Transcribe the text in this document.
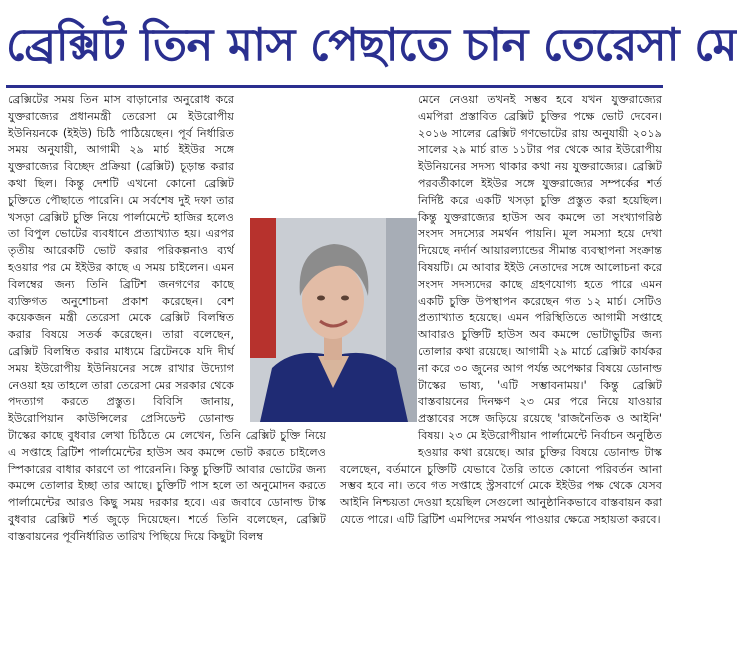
ব্রেক্সিট তিন মাস পেছাতে চান তেরেসা মে

ব্রেক্সিটের সময় তিন মাস বাড়ানোর অনুরোধ করে যুক্তরাজ্যের প্রধানমন্ত্রী তেরেসা মে ইউরোপীয় ইউনিয়নকে (ইইউ) চিঠি পাঠিয়েছেন। পূর্ব নির্ধারিত সময় অনুযায়ী, আগামী ২৯ মার্চ ইইউর সঙ্গে যুক্তরাজ্যের বিচ্ছেদ প্রক্রিয়া (ব্রেক্সিট) চূড়ান্ত করার কথা ছিল। কিন্তু দেশটি এখনো কোনো ব্রেক্সিট চুক্তিতে পৌছাতে পারেনি। মে সর্বশেষ দুই দফা তার খসড়া ব্রেক্সিট চুক্তি নিয়ে পার্লামেন্টে হাজির হলেও তা বিপুল ভোটের ব্যবধানে প্রত্যাখ্যাত হয়। এরপর তৃতীয় আরেকটি ভোট করার পরিকল্পনাও ব্যর্থ হওয়ার পর মে ইইউর কাছে এ সময় চাইলেন। এমন বিলম্বের জন্য তিনি ব্রিটিশ জনগণের কাছে ব্যক্তিগত অনুশোচনা প্রকাশ করেছেন। বেশ কয়েকজন মন্ত্রী তেরেসা মেকে ব্রেক্সিট বিলম্বিত করার বিষয়ে সতর্ক করেছেন। তারা বলেছেন, ব্রেক্সিট বিলম্বিত করার মাধ্যমে ব্রিটেনকে যদি দীর্ঘ সময় ইউরোপীয় ইউনিয়নের সঙ্গে রাখার উদ্যোগ নেওয়া হয় তাহলে তারা তেরেসা মের সরকার থেকে পদত্যাগ করতে প্রস্তুত। বিবিসি জানায়, ইউরোপিয়ান কাউন্সিলের প্রেসিডেন্ট ডোনাল্ড টাস্কের কাছে বুধবার লেখা চিঠিতে মে লেখেন, তিনি ব্রেক্সিট চুক্তি নিয়ে এ সপ্তাহে ব্রিটিশ পার্লামেন্টের হাউস অব কমন্সে ভোট করতে চাইলেও স্পিকারের বাধার কারণে তা পারেননি। কিন্তু চুক্তিটি আবার ভোটের জন্য কমন্সে তোলার ইচ্ছা তার আছে। চুক্তিটি পাস হলে তা অনুমোদন করতে পার্লামেন্টের আরও কিছু সময় দরকার হবে। এর জবাবে ডোনাল্ড টাস্ক বুধবার ব্রেক্সিট শর্ত জুড়ে দিয়েছেন। শর্তে তিনি বলেছেন, ব্রেক্সিট বাস্তবায়নের পূর্বনির্ধারিত তারিখ পিছিয়ে দিয়ে কিছুটা বিলম্ব

মেনে নেওয়া তখনই সম্ভব হবে যখন যুক্তরাজ্যের এমপিরা প্রস্তাবিত ব্রেক্সিট চুক্তির পক্ষে ভোট দেবেন। ২০১৬ সালের ব্রেক্সিট গণভোটের রায় অনুযায়ী ২০১৯ সালের ২৯ মার্চ রাত ১১টার পর থেকে আর ইউরোপীয় ইউনিয়নের সদস্য থাকার কথা নয় যুক্তরাজ্যের। ব্রেক্সিট পরবর্তীকালে ইইউর সঙ্গে যুক্তরাজ্যের সম্পর্কের শর্ত নির্দিষ্ট করে একটি খসড়া চুক্তি প্রস্তুত করা হয়েছিল। কিন্তু যুক্তরাজ্যের হাউস অব কমন্সে তা সংখ্যাগরিষ্ঠ সংসদ সদস্যের সমর্থন পায়নি। মূল সমস্যা হয়ে দেখা দিয়েছে নর্দার্ন আয়ারল্যান্ডের সীমান্ত ব্যবস্থাপনা সংক্রান্ত বিষয়টি। মে আবার ইইউ নেতাদের সঙ্গে আলোচনা করে সংসদ সদস্যদের কাছে গ্রহণযোগ্য হতে পারে এমন একটি চুক্তি উপস্থাপন করেছেন গত ১২ মার্চ। সেটিও প্রত্যাখ্যাত হয়েছে। এমন পরিস্থিতিতে আগামী সপ্তাহে আবারও চুক্তিটি হাউস অব কমন্সে ভোটাভুটির জন্য তোলার কথা রয়েছে। আগামী ২৯ মার্চে ব্রেক্সিট কার্যকর না করে ৩০ জুনের আগ পর্যন্ত অপেক্ষার বিষয়ে ডোনাল্ড টাস্কের ভাষ্য, 'এটি সম্ভাবনাময়।' কিন্তু ব্রেক্সিট বাস্তবায়নের দিনক্ষণ ২৩ মের পরে নিয়ে যাওয়ার প্রস্তাবের সঙ্গে জড়িয়ে রয়েছে 'রাজনৈতিক ও আইনি' বিষয়। ২৩ মে ইউরোপীয়ান পার্লামেন্টে নির্বাচন অনুষ্ঠিত হওয়ার কথা রয়েছে। আর চুক্তির বিষয়ে ডোনাল্ড টাস্ক বলেছেন, বর্তমানে চুক্তিটি যেভাবে তৈরি তাতে কোনো পরিবর্তন আনা সম্ভব হবে না। তবে গত সপ্তাহে স্ট্রসবার্গে মেকে ইইউর পক্ষ থেকে যেসব আইনি নিশ্চয়তা দেওয়া হয়েছিল সেগুলো আনুষ্ঠানিকভাবে বাস্তবায়ন করা যেতে পারে। এটি ব্রিটিশ এমপিদের সমর্থন পাওয়ার ক্ষেত্রে সহায়তা করবে।
